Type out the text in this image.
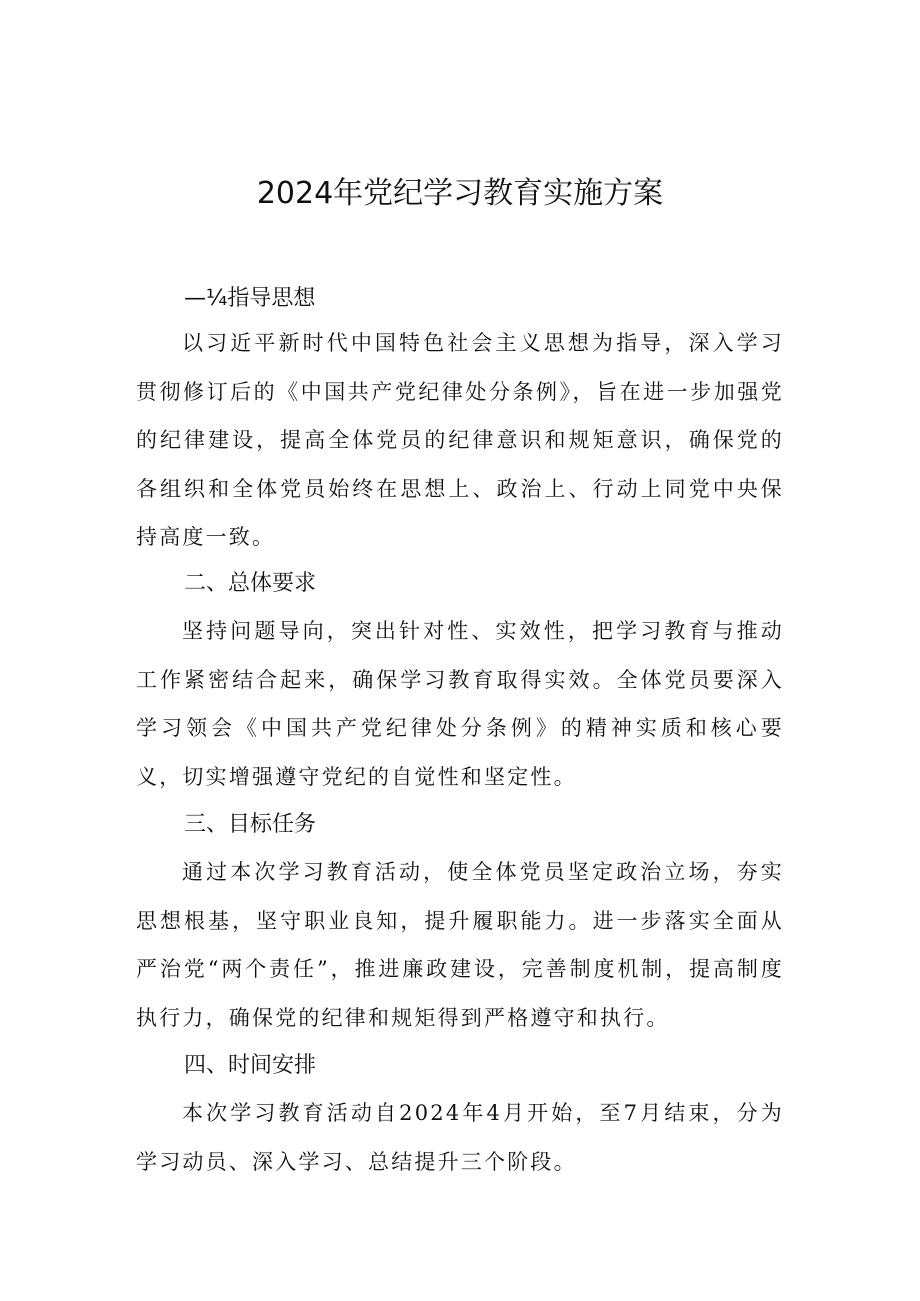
2024年党纪学习教育实施方案
—¼指导思想

以习近平新时代中国特色社会主义思想为指导，深入学习贯彻修订后的《中国共产党纪律处分条例》，旨在进一步加强党的纪律建设，提高全体党员的纪律意识和规矩意识，确保党的各组织和全体党员始终在思想上、政治上、行动上同党中央保持高度一致。

二、总体要求

坚持问题导向，突出针对性、实效性，把学习教育与推动工作紧密结合起来，确保学习教育取得实效。全体党员要深入学习领会《中国共产党纪律处分条例》的精神实质和核心要义，切实增强遵守党纪的自觉性和坚定性。

三、目标任务

通过本次学习教育活动，使全体党员坚定政治立场，夯实思想根基，坚守职业良知，提升履职能力。进一步落实全面从严治党“两个责任”，推进廉政建设，完善制度机制，提高制度执行力，确保党的纪律和规矩得到严格遵守和执行。

四、时间安排

本次学习教育活动自2024年4月开始，至7月结束，分为学习动员、深入学习、总结提升三个阶段。
